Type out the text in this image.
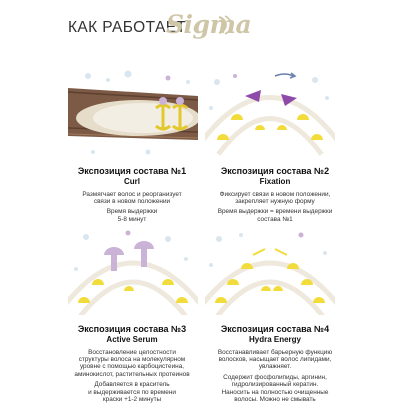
КАК РАБОТАЕТ
Sigma
Экспозиция состава №1
Curl

Размягчает волос и реорганизует
связи в новом положении

Время выдержки
5-8 минут

Экспозиция состава №2
Fixation

Фиксирует связи в новом положении,
закрепляет нужную форму

Время выдержки = времени выдержки
состава №1

Экспозиция состава №3
Active Serum

Восстановление целостности
структуры волоса на молекулярном
уровне с помощью карбоцистеина,
аминокислот, растительных протеинов

Добавляется в краситель
и выдерживается по времени
краски +1-2 минуты

Экспозиция состава №4
Hydra Energy

Восстанавливает барьерную функцию
волосков, насыщает волос липидами,
увлажняет.

Содержит фосфолипиды, аргинин,
гидролизированный кератин.
Наносить на полностью очищенные
волосы. Можно не смывать
